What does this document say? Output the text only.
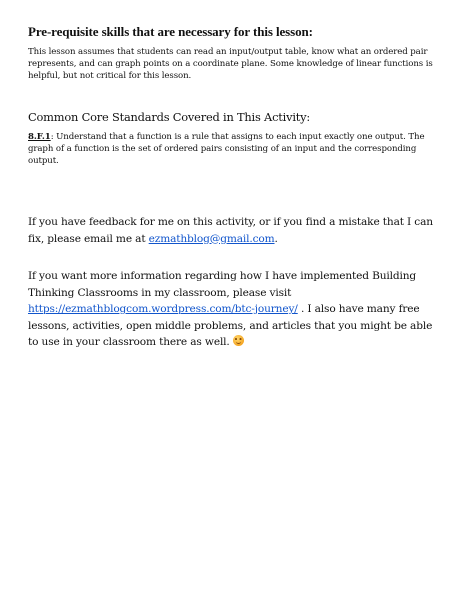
Pre-requisite skills that are necessary for this lesson:

This lesson assumes that students can read an input/output table, know what an ordered pair represents, and can graph points on a coordinate plane. Some knowledge of linear functions is helpful, but not critical for this lesson.

Common Core Standards Covered in This Activity:

8.F.1: Understand that a function is a rule that assigns to each input exactly one output. The graph of a function is the set of ordered pairs consisting of an input and the corresponding output.

If you have feedback for me on this activity, or if you find a mistake that I can fix, please email me at ezmathblog@gmail.com.

If you want more information regarding how I have implemented Building Thinking Classrooms in my classroom, please visit https://ezmathblogcom.wordpress.com/btc-journey/ . I also have many free lessons, activities, open middle problems, and articles that you might be able to use in your classroom there as well.
